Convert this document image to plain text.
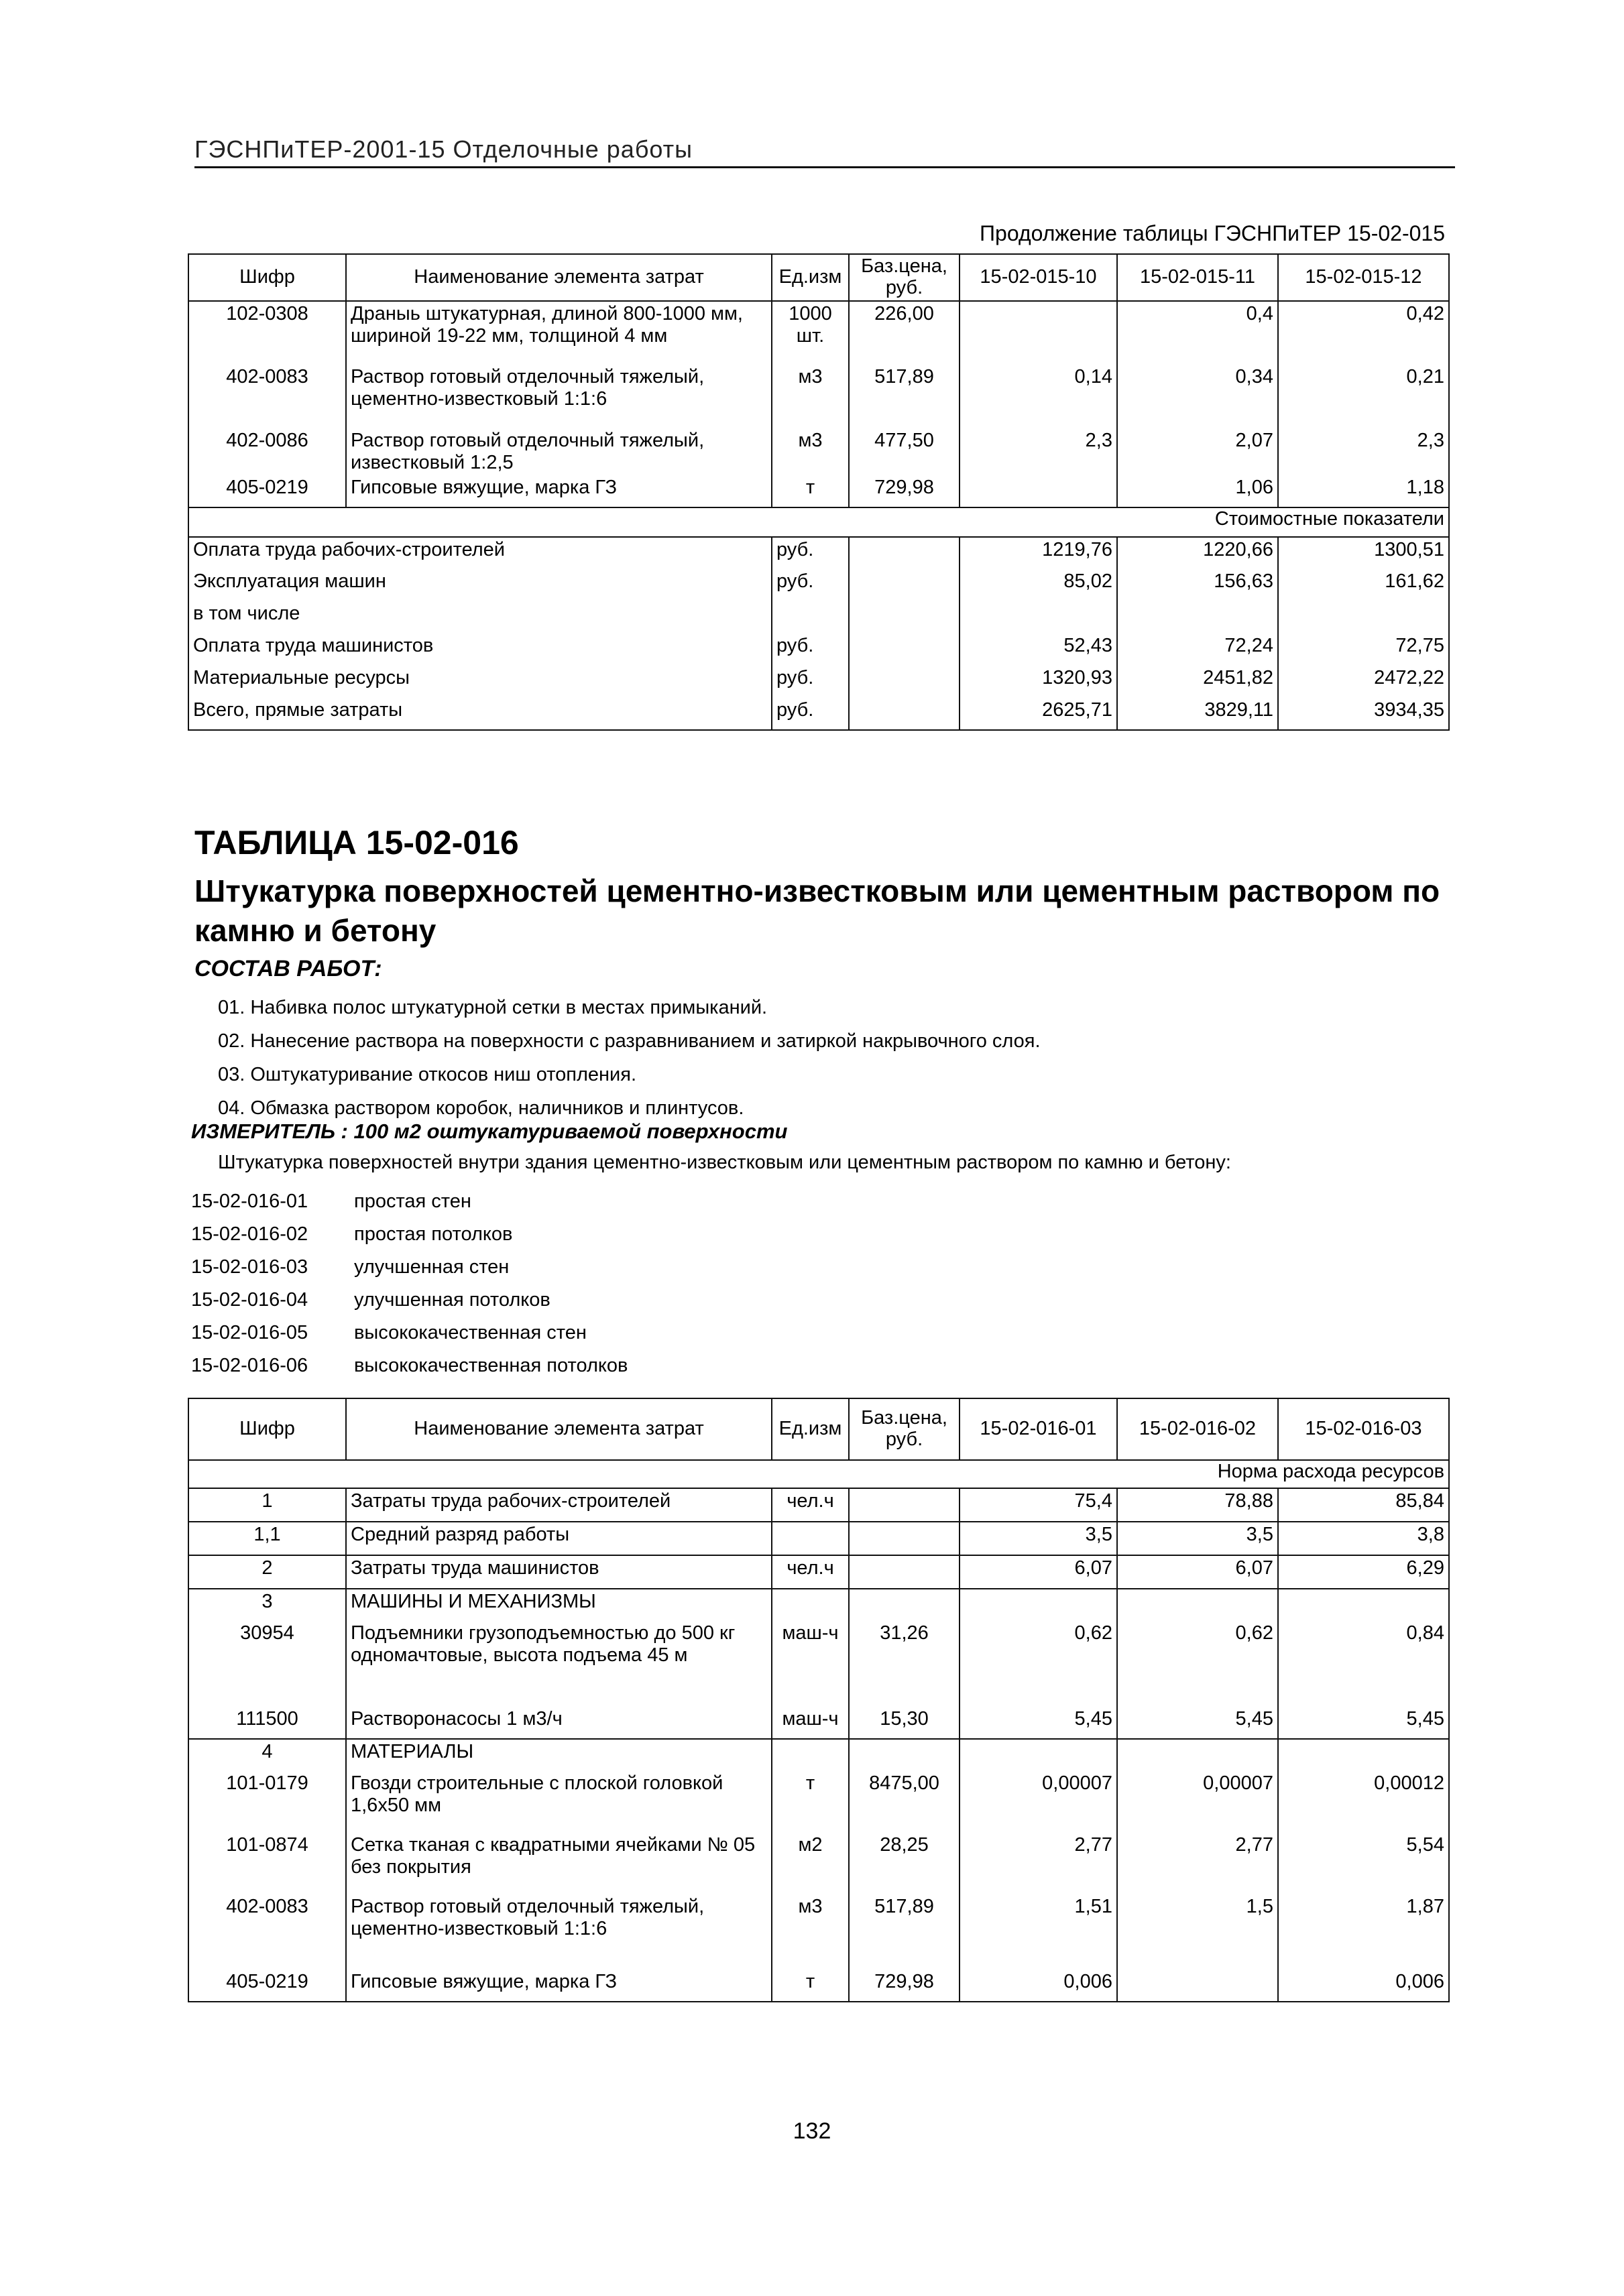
ГЭСНПиТЕР-2001-15 Отделочные работы
Продолжение таблицы ГЭСНПиТЕР 15-02-015
Шифр	Наименование элемента затрат	Ед.изм	Баз.цена, руб.	15-02-015-10	15-02-015-11	15-02-015-12
102-0308	Драныь штукатурная, длиной 800-1000 мм, шириной 19-22 мм, толщиной 4 мм	1000 шт.	226,00		0,4	0,42
402-0083	Раствор готовый отделочный тяжелый, цементно-известковый 1:1:6	м3	517,89	0,14	0,34	0,21
402-0086	Раствор готовый отделочный тяжелый, известковый 1:2,5	м3	477,50	2,3	2,07	2,3
405-0219	Гипсовые вяжущие, марка ГЗ	т	729,98		1,06	1,18
Стоимостные показатели						
Оплата труда рабочих-строителей		руб.		1219,76	1220,66	1300,51
Эксплуатация машин		руб.		85,02	156,63	161,62
в том числе						
Оплата труда машинистов		руб.		52,43	72,24	72,75
Материальные ресурсы		руб.		1320,93	2451,82	2472,22
Всего, прямые затраты		руб.		2625,71	3829,11	3934,35
ТАБЛИЦА 15-02-016
Штукатурка поверхностей цементно-известковым или цементным раствором по камню и бетону
СОСТАВ РАБОТ:
01. Набивка полос штукатурной сетки в местах примыканий.
02. Нанесение раствора на поверхности с разравниванием и затиркой накрывочного слоя.
03. Оштукатуривание откосов ниш отопления.
04. Обмазка раствором коробок, наличников и плинтусов.
ИЗМЕРИТЕЛЬ : 100 м2 оштукатуриваемой поверхности
Штукатурка поверхностей внутри здания цементно-известковым или цементным раствором по камню и бетону:
15-02-016-01 простая стен
15-02-016-02 простая потолков
15-02-016-03 улучшенная стен
15-02-016-04 улучшенная потолков
15-02-016-05 высококачественная стен
15-02-016-06 высококачественная потолков
Шифр	Наименование элемента затрат	Ед.изм	Баз.цена, руб.	15-02-016-01	15-02-016-02	15-02-016-03
Норма расхода ресурсов						
1	Затраты труда рабочих-строителей	чел.ч		75,4	78,88	85,84
1,1	Средний разряд работы			3,5	3,5	3,8
2	Затраты труда машинистов	чел.ч		6,07	6,07	6,29
3	МАШИНЫ И МЕХАНИЗМЫ					
30954	Подъемники грузоподъемностью до 500 кг одномачтовые, высота подъема 45 м	маш-ч	31,26	0,62	0,62	0,84
111500	Растворонасосы 1 м3/ч	маш-ч	15,30	5,45	5,45	5,45
4	МАТЕРИАЛЫ					
101-0179	Гвозди строительные с плоской головкой 1,6х50 мм	т	8475,00	0,00007	0,00007	0,00012
101-0874	Сетка тканая с квадратными ячейками № 05 без покрытия	м2	28,25	2,77	2,77	5,54
402-0083	Раствор готовый отделочный тяжелый, цементно-известковый 1:1:6	м3	517,89	1,51	1,5	1,87
405-0219	Гипсовые вяжущие, марка ГЗ	т	729,98	0,006		0,006
132
